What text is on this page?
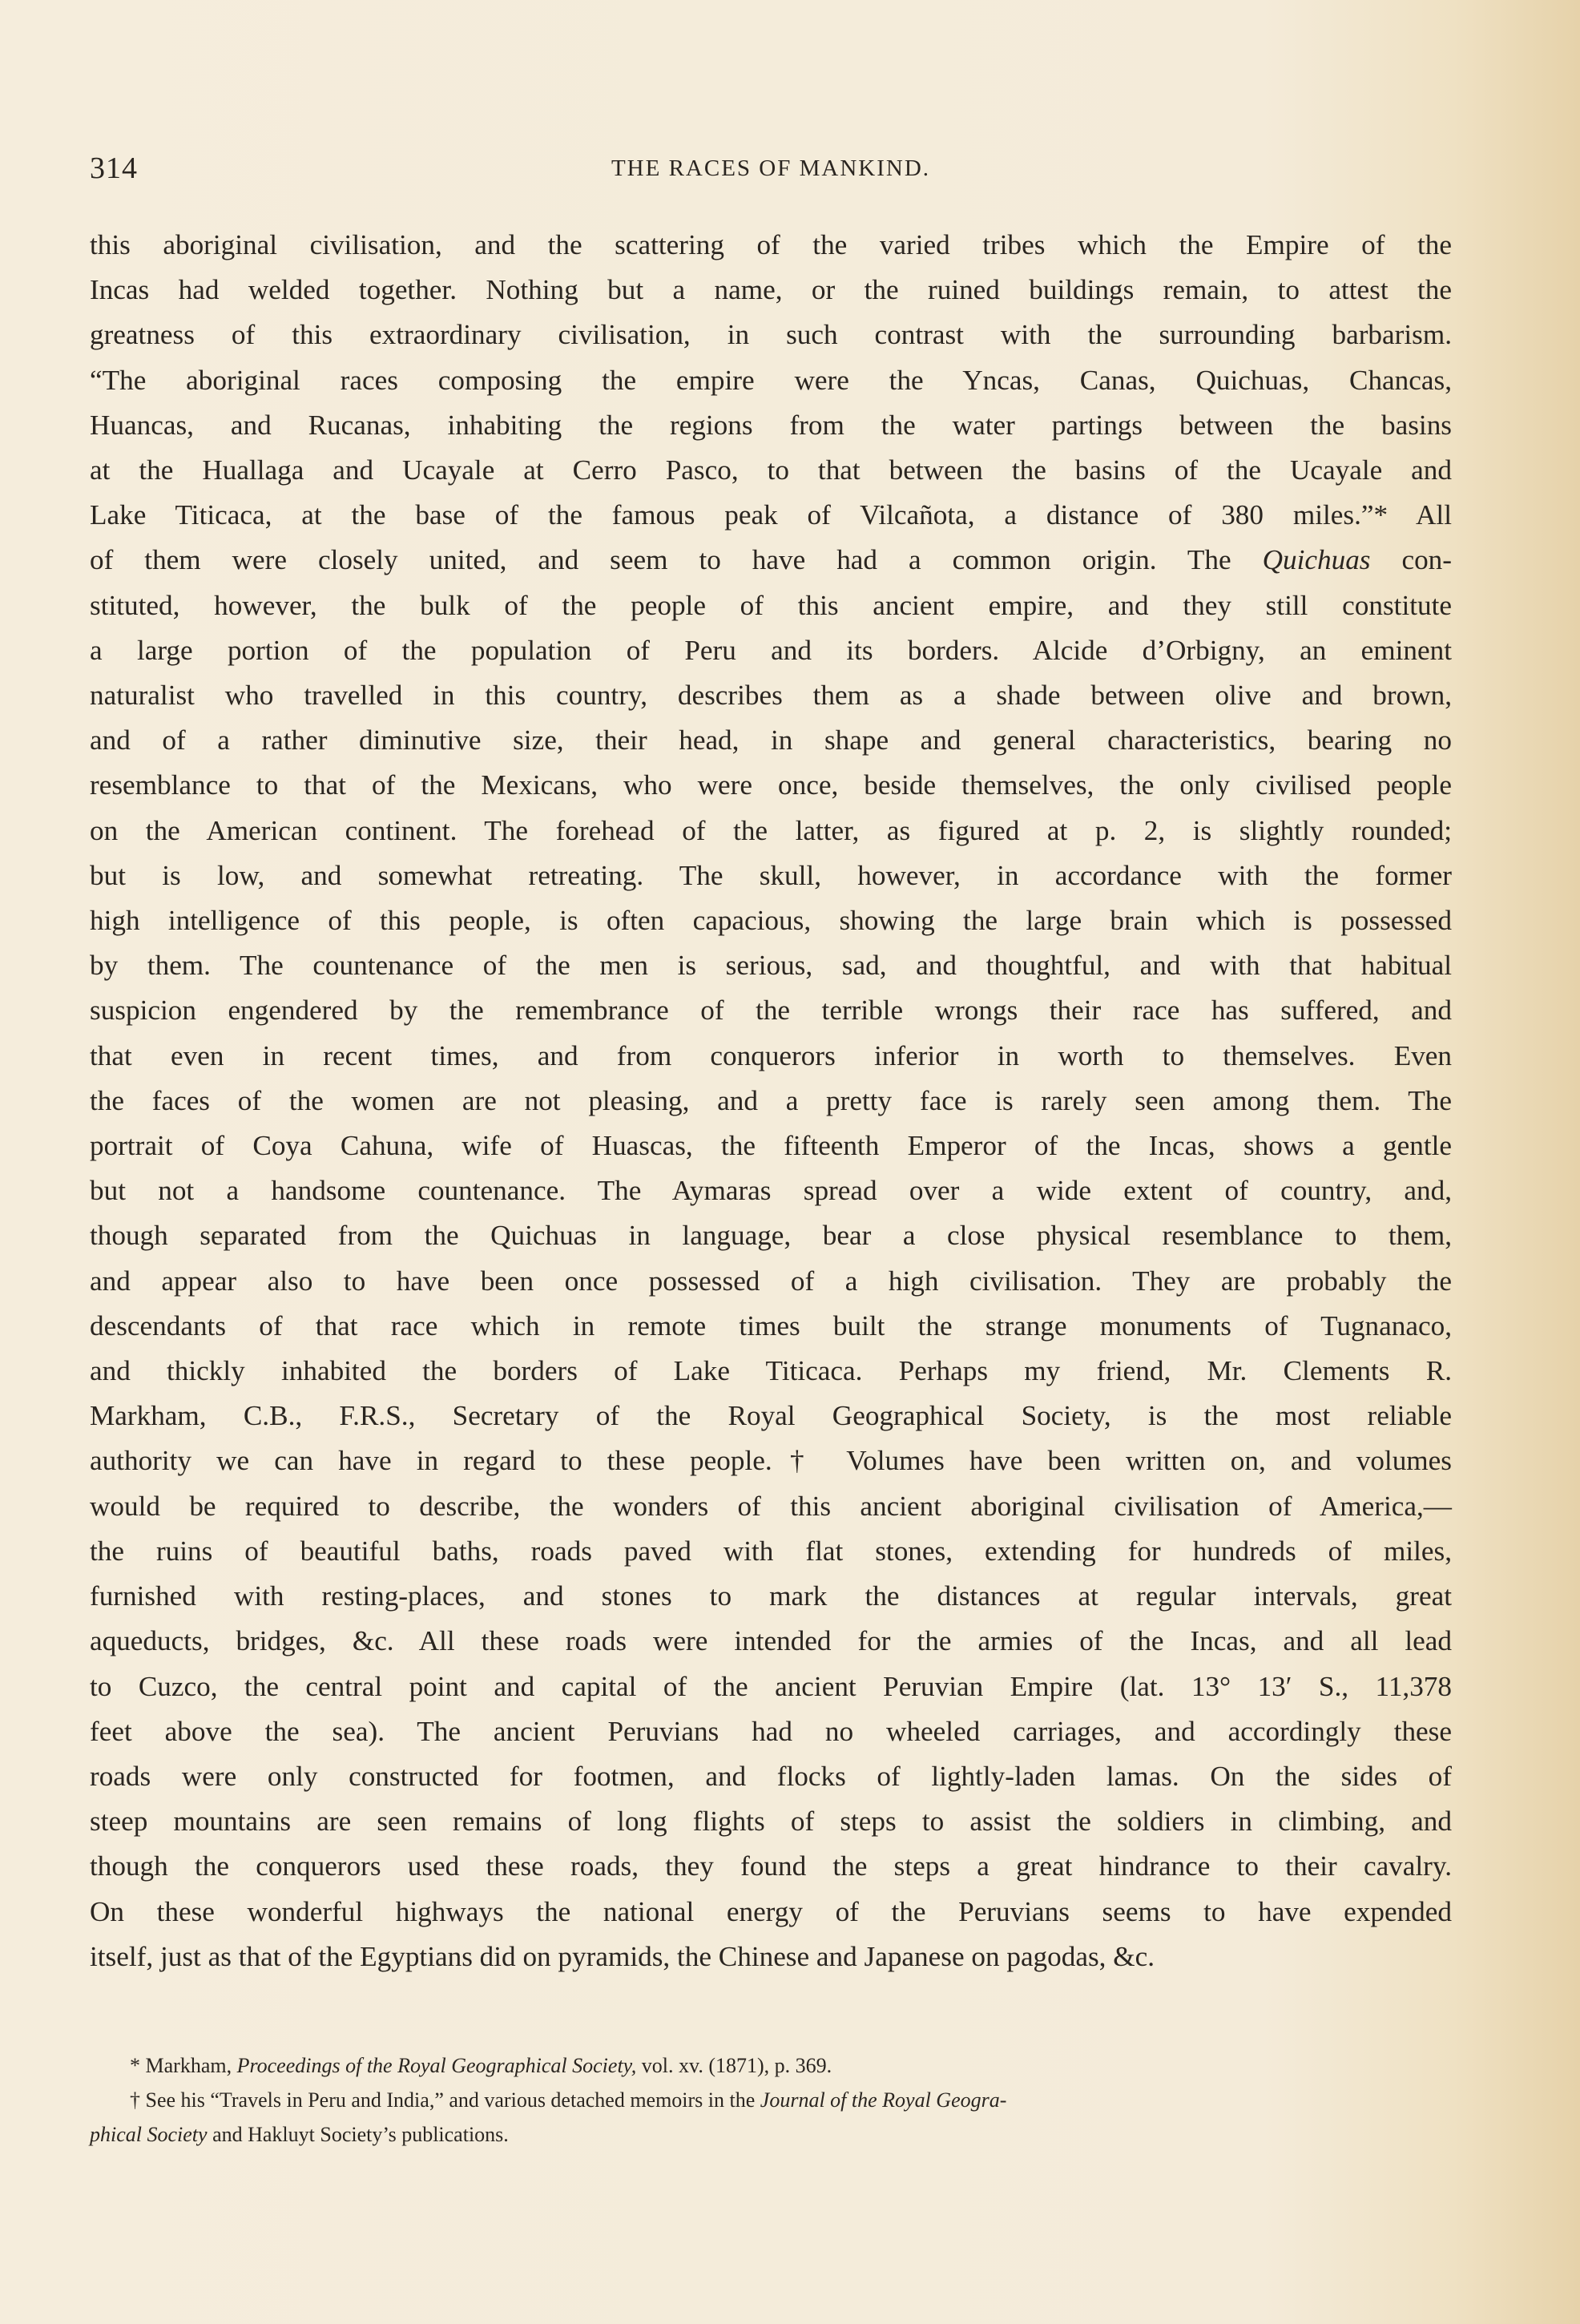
314	THE RACES OF MANKIND.
this aboriginal civilisation, and the scattering of the varied tribes which the Empire of the
Incas had welded together. Nothing but a name, or the ruined buildings remain, to attest the
greatness of this extraordinary civilisation, in such contrast with the surrounding barbarism.
“The aboriginal races composing the empire were the Yncas, Canas, Quichuas, Chancas,
Huancas, and Rucanas, inhabiting the regions from the water partings between the basins
at the Huallaga and Ucayale at Cerro Pasco, to that between the basins of the Ucayale and
Lake Titicaca, at the base of the famous peak of Vilcañota, a distance of 380 miles.”* All
of them were closely united, and seem to have had a common origin. The Quichuas con-
stituted, however, the bulk of the people of this ancient empire, and they still constitute
a large portion of the population of Peru and its borders. Alcide d’Orbigny, an eminent
naturalist who travelled in this country, describes them as a shade between olive and brown,
and of a rather diminutive size, their head, in shape and general characteristics, bearing no
resemblance to that of the Mexicans, who were once, beside themselves, the only civilised people
on the American continent. The forehead of the latter, as figured at p. 2, is slightly rounded;
but is low, and somewhat retreating. The skull, however, in accordance with the former
high intelligence of this people, is often capacious, showing the large brain which is possessed
by them. The countenance of the men is serious, sad, and thoughtful, and with that habitual
suspicion engendered by the remembrance of the terrible wrongs their race has suffered, and
that even in recent times, and from conquerors inferior in worth to themselves. Even
the faces of the women are not pleasing, and a pretty face is rarely seen among them. The
portrait of Coya Cahuna, wife of Huascas, the fifteenth Emperor of the Incas, shows a gentle
but not a handsome countenance. The Aymaras spread over a wide extent of country, and,
though separated from the Quichuas in language, bear a close physical resemblance to them,
and appear also to have been once possessed of a high civilisation. They are probably the
descendants of that race which in remote times built the strange monuments of Tugnanaco,
and thickly inhabited the borders of Lake Titicaca. Perhaps my friend, Mr. Clements R.
Markham, C.B., F.R.S., Secretary of the Royal Geographical Society, is the most reliable
authority we can have in regard to these people.† Volumes have been written on, and volumes
would be required to describe, the wonders of this ancient aboriginal civilisation of America,—
the ruins of beautiful baths, roads paved with flat stones, extending for hundreds of miles,
furnished with resting-places, and stones to mark the distances at regular intervals, great
aqueducts, bridges, &c. All these roads were intended for the armies of the Incas, and all lead
to Cuzco, the central point and capital of the ancient Peruvian Empire (lat. 13° 13′ S., 11,378
feet above the sea). The ancient Peruvians had no wheeled carriages, and accordingly these
roads were only constructed for footmen, and flocks of lightly-laden lamas. On the sides of
steep mountains are seen remains of long flights of steps to assist the soldiers in climbing, and
though the conquerors used these roads, they found the steps a great hindrance to their cavalry.
On these wonderful highways the national energy of the Peruvians seems to have expended
itself, just as that of the Egyptians did on pyramids, the Chinese and Japanese on pagodas, &c.
* Markham, Proceedings of the Royal Geographical Society, vol. xv. (1871), p. 369.
† See his “Travels in Peru and India,” and various detached memoirs in the Journal of the Royal Geogra-
phical Society and Hakluyt Society’s publications.
